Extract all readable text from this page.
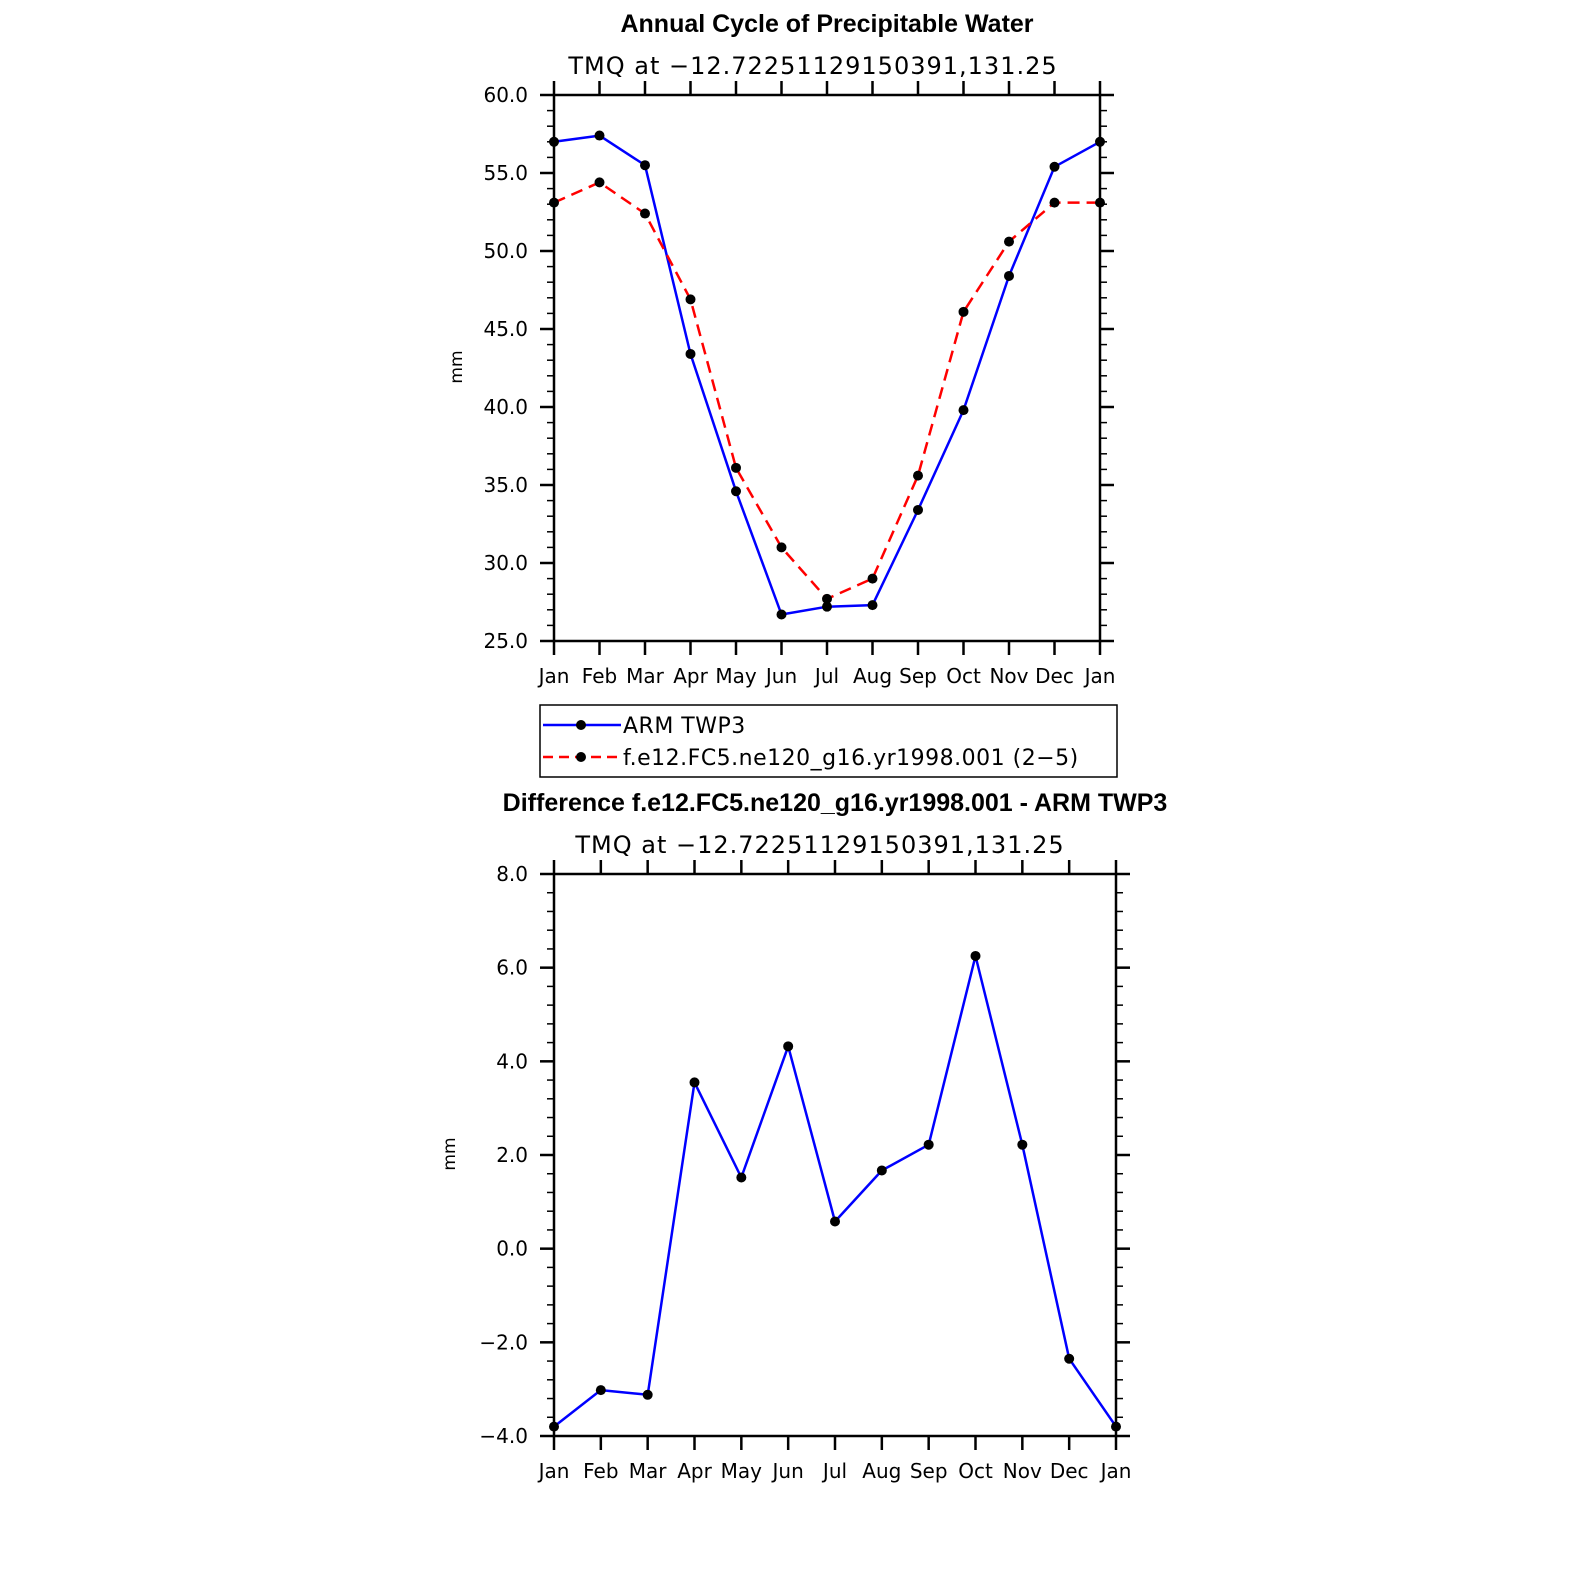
Annual Cycle of Precipitable Water
TMQ at −12.72251129150391,131.25
mm
25.0
30.0
35.0
40.0
45.0
50.0
55.0
60.0
Jan Feb Mar Apr May Jun Jul Aug Sep Oct Nov Dec Jan
ARM TWP3
f.e12.FC5.ne120_g16.yr1998.001 (2−5)
Difference f.e12.FC5.ne120_g16.yr1998.001 - ARM TWP3
TMQ at −12.72251129150391,131.25
mm
−4.0
−2.0
0.0
2.0
4.0
6.0
8.0
Jan Feb Mar Apr May Jun Jul Aug Sep Oct Nov Dec Jan
